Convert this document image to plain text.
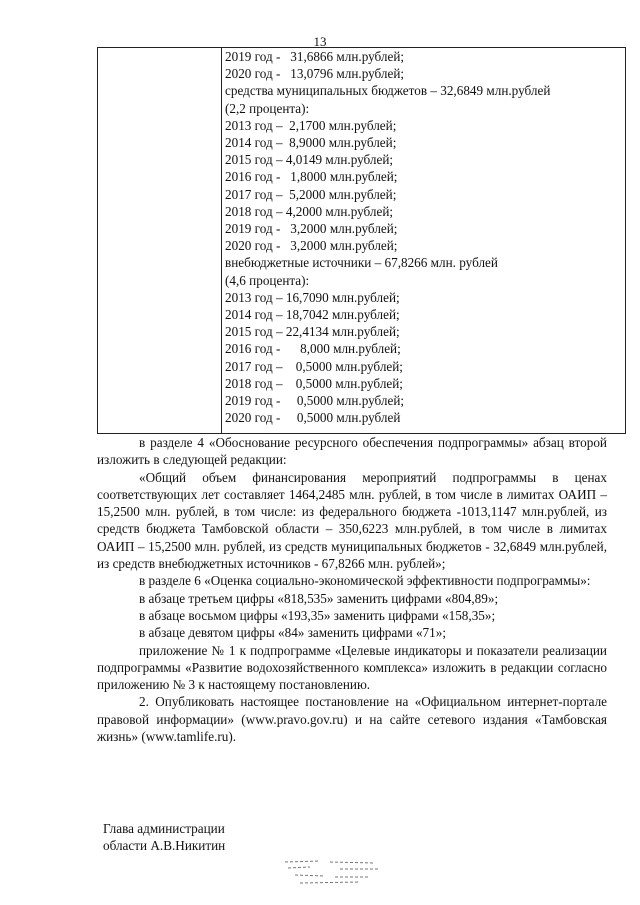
13
2019 год -   31,6866 млн.рублей;
2020 год -   13,0796 млн.рублей;
средства муниципальных бюджетов – 32,6849 млн.рублей
(2,2 процента):
2013 год –  2,1700 млн.рублей;
2014 год –  8,9000 млн.рублей;
2015 год – 4,0149 млн.рублей;
2016 год -   1,8000 млн.рублей;
2017 год –  5,2000 млн.рублей;
2018 год – 4,2000 млн.рублей;
2019 год -   3,2000 млн.рублей;
2020 год -   3,2000 млн.рублей;
внебюджетные источники – 67,8266 млн. рублей
(4,6 процента):
2013 год – 16,7090 млн.рублей;
2014 год – 18,7042 млн.рублей;
2015 год – 22,4134 млн.рублей;
2016 год -      8,000 млн.рублей;
2017 год –    0,5000 млн.рублей;
2018 год –    0,5000 млн.рублей;
2019 год -     0,5000 млн.рублей;
2020 год -     0,5000 млн.рублей

в разделе 4 «Обоснование ресурсного обеспечения подпрограммы» абзац второй изложить в следующей редакции:

«Общий объем финансирования мероприятий подпрограммы в ценах соответствующих лет составляет 1464,2485 млн. рублей, в том числе в лимитах ОАИП – 15,2500 млн. рублей, в том числе: из федерального бюджета -1013,1147 млн.рублей, из средств бюджета Тамбовской области – 350,6223 млн.рублей, в том числе в лимитах ОАИП – 15,2500 млн. рублей, из средств муниципальных бюджетов - 32,6849 млн.рублей, из средств внебюджетных источников - 67,8266 млн. рублей»;

в разделе 6 «Оценка социально-экономической эффективности подпрограммы»:

в абзаце третьем цифры «818,535» заменить цифрами «804,89»;

в абзаце восьмом цифры «193,35» заменить цифрами «158,35»;

в абзаце девятом цифры «84» заменить цифрами «71»;

приложение № 1 к подпрограмме «Целевые индикаторы и показатели реализации подпрограммы «Развитие водохозяйственного комплекса» изложить в редакции согласно приложению № 3 к настоящему постановлению.

2. Опубликовать настоящее постановление на «Официальном интернет-портале правовой информации» (www.pravo.gov.ru) и на сайте сетевого издания «Тамбовская жизнь» (www.tamlife.ru).

Глава администрации
области А.В.Никитин
